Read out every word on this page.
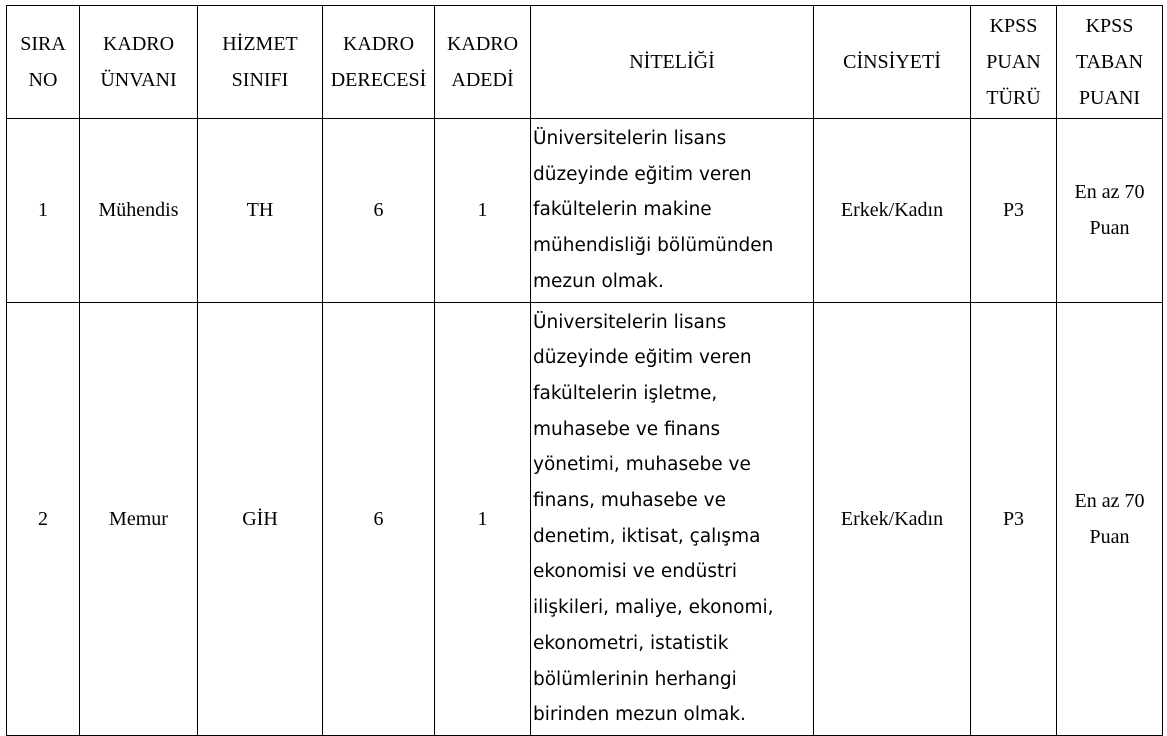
SIRA NO	KADRO ÜNVANI	HİZMET SINIFI	KADRO DERECESİ	KADRO ADEDİ	NİTELİĞİ	CİNSİYETİ	KPSS PUAN TÜRÜ	KPSS TABAN PUANI
1	Mühendis	TH	6	1	Üniversitelerin lisans düzeyinde eğitim veren fakültelerin makine mühendisliği bölümünden mezun olmak.	Erkek/Kadın	P3	En az 70 Puan
2	Memur	GİH	6	1	Üniversitelerin lisans düzeyinde eğitim veren fakültelerin işletme, muhasebe ve finans yönetimi, muhasebe ve finans, muhasebe ve denetim, iktisat, çalışma ekonomisi ve endüstri ilişkileri, maliye, ekonomi, ekonometri, istatistik bölümlerinin herhangi birinden mezun olmak.	Erkek/Kadın	P3	En az 70 Puan
